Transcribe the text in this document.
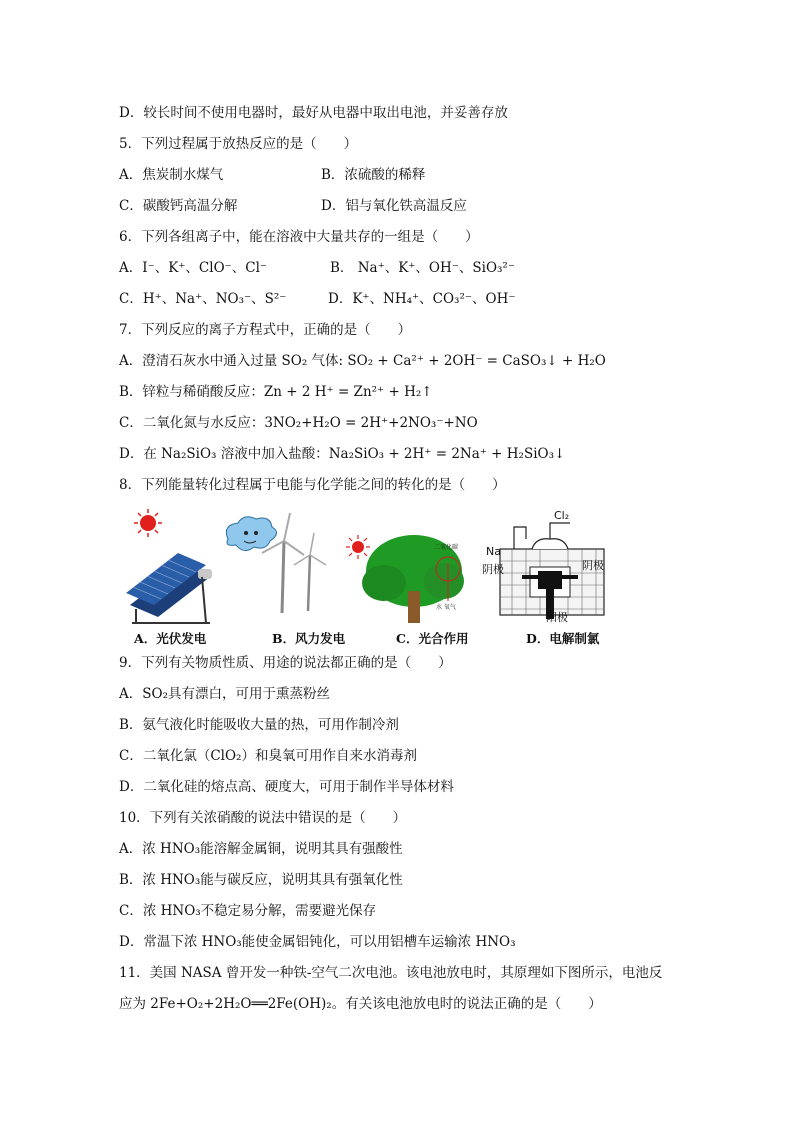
D．较长时间不使用电器时，最好从电器中取出电池，并妥善存放
5．下列过程属于放热反应的是（　　）
A．焦炭制水煤气	B．浓硫酸的稀释
C．碳酸钙高温分解	D．铝与氧化铁高温反应
6．下列各组离子中，能在溶液中大量共存的一组是（　　）
A．I⁻、K⁺、ClO⁻、Cl⁻	B． Na⁺、K⁺、OH⁻、SiO₃²⁻
C．H⁺、Na⁺、NO₃⁻、S²⁻	D．K⁺、NH₄⁺、CO₃²⁻、OH⁻
7．下列反应的离子方程式中，正确的是（　　）
A．澄清石灰水中通入过量 SO₂ 气体: SO₂ + Ca²⁺ + 2OH⁻ = CaSO₃↓ + H₂O
B．锌粒与稀硝酸反应：Zn + 2 H⁺ = Zn²⁺ + H₂↑
C．二氧化氮与水反应：3NO₂+H₂O = 2H⁺+2NO₃⁻+NO
D．在 Na₂SiO₃ 溶液中加入盐酸：Na₂SiO₃ + 2H⁺ = 2Na⁺ + H₂SiO₃↓
8．下列能量转化过程属于电能与化学能之间的转化的是（　　）
二氧化碳
水 氧气
Cl₂
Na
阴极	阴极
阳极
A．光伏发电	B．风力发电	C．光合作用	D．电解制氯
9．下列有关物质性质、用途的说法都正确的是（　　）
A．SO₂具有漂白，可用于熏蒸粉丝
B．氨气液化时能吸收大量的热，可用作制冷剂
C．二氧化氯（ClO₂）和臭氧可用作自来水消毒剂
D．二氧化硅的熔点高、硬度大，可用于制作半导体材料
10．下列有关浓硝酸的说法中错误的是（　　）
A．浓 HNO₃能溶解金属铜，说明其具有强酸性
B．浓 HNO₃能与碳反应，说明其具有强氧化性
C．浓 HNO₃不稳定易分解，需要避光保存
D．常温下浓 HNO₃能使金属铝钝化，可以用铝槽车运输浓 HNO₃
11．美国 NASA 曾开发一种铁-空气二次电池。该电池放电时，其原理如下图所示，电池反
应为 2Fe+O₂+2H₂O══2Fe(OH)₂。有关该电池放电时的说法正确的是（　　）
